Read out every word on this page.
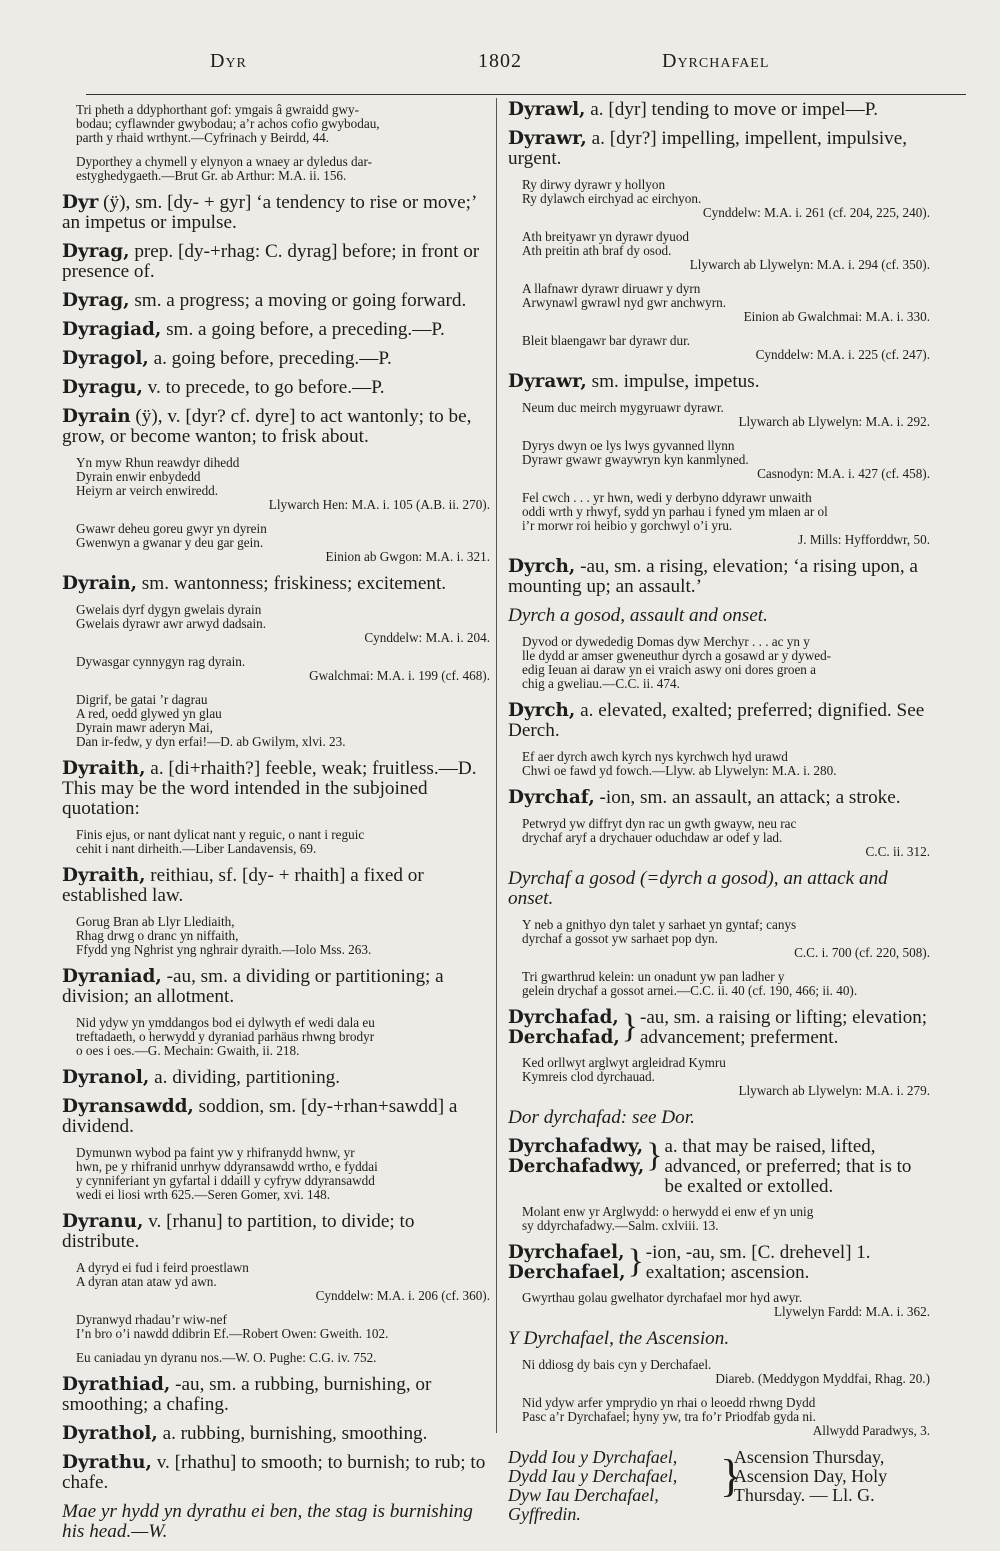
Dyr	1802	Dyrchafael
Tri pheth a ddyphorthant gof: ymgais â gwraidd gwy-
bodau; cyflawnder gwybodau; a’r achos cofio gwybodau,
parth y rhaid wrthynt.—Cyfrinach y Beirdd, 44.
Dyporthey a chymell y elynyon a wnaey ar dyledus dar-
estyghedygaeth.—Brut Gr. ab Arthur: M.A. ii. 156.
Dyr (ÿ), sm. [dy- + gyr] ‘a tendency to rise or move;’ an impetus or impulse.
Dyrag, prep. [dy-+rhag: C. dyrag] before; in front or presence of.
Dyrag, sm. a progress; a moving or going forward.
Dyragiad, sm. a going before, a preceding.—P.
Dyragol, a. going before, preceding.—P.
Dyragu, v. to precede, to go before.—P.
Dyrain (ÿ), v. [dyr? cf. dyre] to act wantonly; to be, grow, or become wanton; to frisk about.
Yn myw Rhun reawdyr dihedd
Dyrain enwir enbydedd
Heiyrn ar veirch enwiredd.
Llywarch Hen: M.A. i. 105 (A.B. ii. 270).
Gwawr deheu goreu gwyr yn dyrein
Gwenwyn a gwanar y deu gar gein.
Einion ab Gwgon: M.A. i. 321.
Dyrain, sm. wantonness; friskiness; excitement.
Gwelais dyrf dygyn gwelais dyrain
Gwelais dyrawr awr arwyd dadsain.
Cynddelw: M.A. i. 204.
Dywasgar cynnygyn rag dyrain.
Gwalchmai: M.A. i. 199 (cf. 468).
Digrif, be gatai ’r dagrau
A red, oedd glywed yn glau
Dyrain mawr aderyn Mai,
Dan ir-fedw, y dyn erfai!—D. ab Gwilym, xlvi. 23.
Dyraith, a. [di+rhaith?] feeble, weak; fruitless.—D. This may be the word intended in the subjoined quotation:
Finis ejus, or nant dylicat nant y reguic, o nant i reguic
cehit i nant dirheith.—Liber Landavensis, 69.
Dyraith, reithiau, sf. [dy- + rhaith] a fixed or established law.
Gorug Bran ab Llyr Llediaith,
Rhag drwg o dranc yn niffaith,
Ffydd yng Nghrist yng nghrair dyraith.—Iolo Mss. 263.
Dyraniad, -au, sm. a dividing or partitioning; a division; an allotment.
Nid ydyw yn ymddangos bod ei dylwyth ef wedi dala eu
treftadaeth, o herwydd y dyraniad parhäus rhwng brodyr
o oes i oes.—G. Mechain: Gwaith, ii. 218.
Dyranol, a. dividing, partitioning.
Dyransawdd, soddion, sm. [dy-+rhan+sawdd] a dividend.
Dymunwn wybod pa faint yw y rhifranydd hwnw, yr
hwn, pe y rhifranid unrhyw ddyransawdd wrtho, e fyddai
y cynniferiant yn gyfartal i ddaill y cyfryw ddyransawdd
wedi ei liosi wrth 625.—Seren Gomer, xvi. 148.
Dyranu, v. [rhanu] to partition, to divide; to distribute.
A dyryd ei fud i feird proestlawn
A dyran atan ataw yd awn.
Cynddelw: M.A. i. 206 (cf. 360).
Dyranwyd rhadau’r wiw-nef
I’n bro o’i nawdd ddibrin Ef.—Robert Owen: Gweith. 102.
Eu caniadau yn dyranu nos.—W. O. Pughe: C.G. iv. 752.
Dyrathiad, -au, sm. a rubbing, burnishing, or smoothing; a chafing.
Dyrathol, a. rubbing, burnishing, smoothing.
Dyrathu, v. [rhathu] to smooth; to burnish; to rub; to chafe.
Mae yr hydd yn dyrathu ei ben, the stag is burnishing his head.—W.
Dyrawl, a. [dyr] tending to move or impel—P.
Dyrawr, a. [dyr?] impelling, impellent, impulsive, urgent.
Ry dirwy dyrawr y hollyon
Ry dylawch eirchyad ac eirchyon.
Cynddelw: M.A. i. 261 (cf. 204, 225, 240).
Ath breityawr yn dyrawr dyuod
Ath preitin ath braf dy osod.
Llywarch ab Llywelyn: M.A. i. 294 (cf. 350).
A llafnawr dyrawr diruawr y dyrn
Arwynawl gwrawl nyd gwr anchwyrn.
Einion ab Gwalchmai: M.A. i. 330.
Bleit blaengawr bar dyrawr dur.
Cynddelw: M.A. i. 225 (cf. 247).
Dyrawr, sm. impulse, impetus.
Neum duc meirch mygyruawr dyrawr.
Llywarch ab Llywelyn: M.A. i. 292.
Dyrys dwyn oe lys lwys gyvanned llynn
Dyrawr gwawr gwaywryn kyn kanmlyned.
Casnodyn: M.A. i. 427 (cf. 458).
Fel cwch . . . yr hwn, wedi y derbyno ddyrawr unwaith
oddi wrth y rhwyf, sydd yn parhau i fyned ym mlaen ar ol
i’r morwr roi heibio y gorchwyl o’i yru.
J. Mills: Hyfforddwr, 50.
Dyrch, -au, sm. a rising, elevation; ‘a rising upon, a mounting up; an assault.’
Dyrch a gosod, assault and onset.
Dyvod or dywededig Domas dyw Merchyr . . . ac yn y
lle dydd ar amser gweneuthur dyrch a gosawd ar y dywed-
edig Ieuan ai daraw yn ei vraich aswy oni dores groen a
chig a gweliau.—C.C. ii. 474.
Dyrch, a. elevated, exalted; preferred; dignified. See Derch.
Ef aer dyrch awch kyrch nys kyrchwch hyd urawd
Chwi oe fawd yd fowch.—Llyw. ab Llywelyn: M.A. i. 280.
Dyrchaf, -ion, sm. an assault, an attack; a stroke.
Petwryd yw diffryt dyn rac un gwth gwayw, neu rac
drychaf aryf a drychauer oduchdaw ar odef y lad.
C.C. ii. 312.
Dyrchaf a gosod (=dyrch a gosod), an attack and onset.
Y neb a gnithyo dyn talet y sarhaet yn gyntaf; canys
dyrchaf a gossot yw sarhaet pop dyn.
C.C. i. 700 (cf. 220, 508).
Tri gwarthrud kelein: un onadunt yw pan ladher y
gelein drychaf a gossot arnei.—C.C. ii. 40 (cf. 190, 466; ii. 40).
Dyrchafad,
Derchafad, } -au, sm. a raising or lifting; elevation; advancement; preferment.
Ked orllwyt arglwyt argleidrad Kymru
Kymreis clod dyrchauad.
Llywarch ab Llywelyn: M.A. i. 279.
Dor dyrchafad: see Dor.
Dyrchafadwy,
Derchafadwy, } a. that may be raised, lifted, advanced, or preferred; that is to be exalted or extolled.
Molant enw yr Arglwydd: o herwydd ei enw ef yn unig
sy ddyrchafadwy.—Salm. cxlviii. 13.
Dyrchafael,
Derchafael, } -ion, -au, sm. [C. drehevel] 1. exaltation; ascension.
Gwyrthau golau gwelhator dyrchafael mor hyd awyr.
Llywelyn Fardd: M.A. i. 362.
Y Dyrchafael, the Ascension.
Ni ddiosg dy bais cyn y Derchafael.
Diareb. (Meddygon Myddfai, Rhag. 20.)
Nid ydyw arfer ymprydio yn rhai o leoedd rhwng Dydd
Pasc a’r Dyrchafael; hyny yw, tra fo’r Priodfab gyda ni.
Allwydd Paradwys, 3.
Dydd Iou y Dyrchafael,
Dydd Iau y Derchafael,
Dyw Iau Derchafael,
Gyffredin.
}
Ascension Thursday,
Ascension Day, Holy
Thursday. — Ll. G.
